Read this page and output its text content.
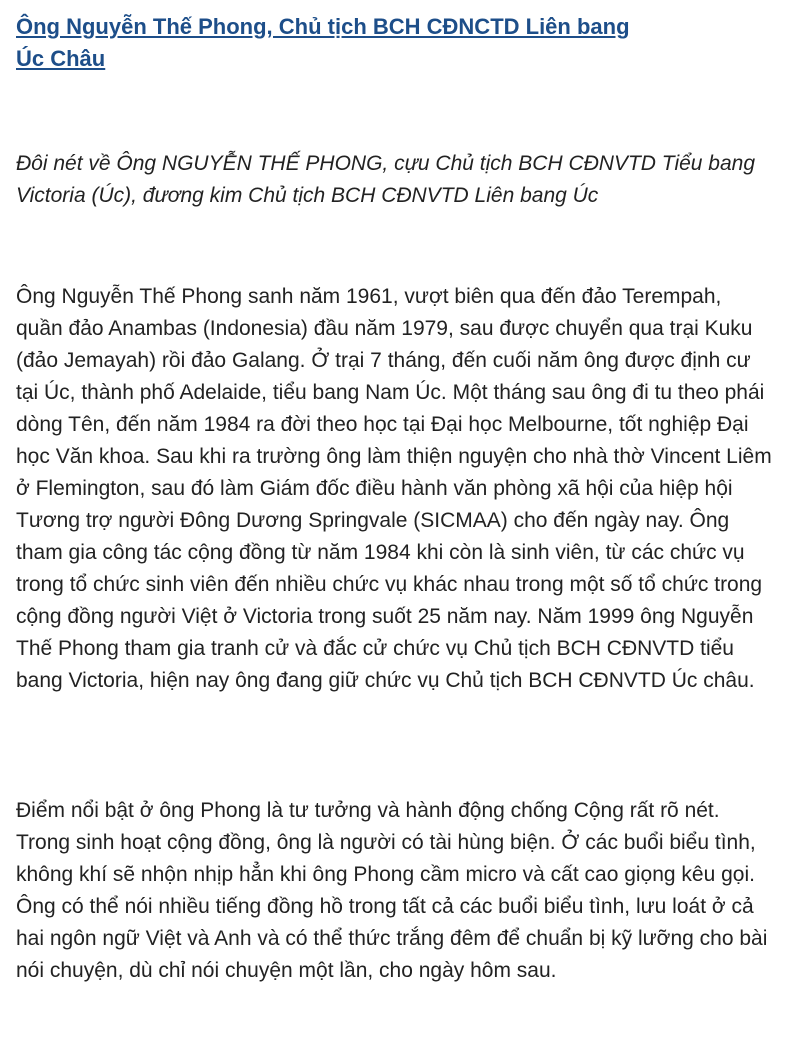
Ông Nguyễn Thế Phong, Chủ tịch BCH CĐNCTD Liên bang Úc Châu

Đôi nét về Ông NGUYỄN THẾ PHONG, cựu Chủ tịch BCH CĐNVTD Tiểu bang Victoria (Úc), đương kim Chủ tịch BCH CĐNVTD Liên bang Úc

Ông Nguyễn Thế Phong sanh năm 1961, vượt biên qua đến đảo Terempah, quần đảo Anambas (Indonesia) đầu năm 1979, sau được chuyển qua trại Kuku (đảo Jemayah) rồi đảo Galang. Ở trại 7 tháng, đến cuối năm ông được định cư tại Úc, thành phố Adelaide, tiểu bang Nam Úc. Một tháng sau ông đi tu theo phái dòng Tên, đến năm 1984 ra đời theo học tại Đại học Melbourne, tốt nghiệp Đại học Văn khoa. Sau khi ra trường ông làm thiện nguyện cho nhà thờ Vincent Liêm ở Flemington, sau đó làm Giám đốc điều hành văn phòng xã hội của hiệp hội Tương trợ người Đông Dương Springvale (SICMAA) cho đến ngày nay. Ông tham gia công tác cộng đồng từ năm 1984 khi còn là sinh viên, từ các chức vụ trong tổ chức sinh viên đến nhiều chức vụ khác nhau trong một số tổ chức trong cộng đồng người Việt ở Victoria trong suốt 25 năm nay. Năm 1999 ông Nguyễn Thế Phong tham gia tranh cử và đắc cử chức vụ Chủ tịch BCH CĐNVTD tiểu bang Victoria, hiện nay ông đang giữ chức vụ Chủ tịch BCH CĐNVTD Úc châu.

Điểm nổi bật ở ông Phong là tư tưởng và hành động chống Cộng rất rõ nét. Trong sinh hoạt cộng đồng, ông là người có tài hùng biện. Ở các buổi biểu tình, không khí sẽ nhộn nhịp hẳn khi ông Phong cầm micro và cất cao giọng kêu gọi. Ông có thể nói nhiều tiếng đồng hồ trong tất cả các buổi biểu tình, lưu loát ở cả hai ngôn ngữ Việt và Anh và có thể thức trắng đêm để chuẩn bị kỹ lưỡng cho bài nói chuyện, dù chỉ nói chuyện một lần, cho ngày hôm sau.
